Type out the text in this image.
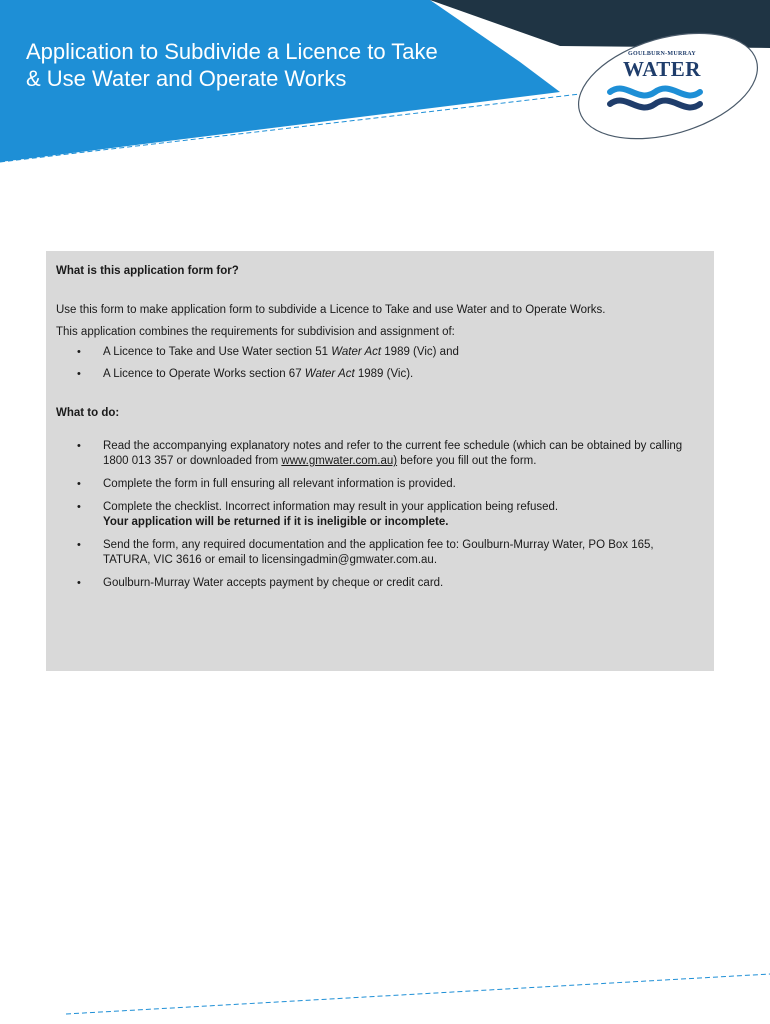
Application to Subdivide a Licence to Take
& Use Water and Operate Works
GOULBURN-MURRAY
WATER

What is this application form for?

Use this form to make application form to subdivide a Licence to Take and use Water and to Operate Works.

This application combines the requirements for subdivision and assignment of:

• A Licence to Take and Use Water section 51 Water Act 1989 (Vic) and
• A Licence to Operate Works section 67 Water Act 1989 (Vic).

What to do:

• Read the accompanying explanatory notes and refer to the current fee schedule (which can be obtained by calling 1800 013 357 or downloaded from www.gmwater.com.au) before you fill out the form.
• Complete the form in full ensuring all relevant information is provided.
• Complete the checklist. Incorrect information may result in your application being refused.
Your application will be returned if it is ineligible or incomplete.
• Send the form, any required documentation and the application fee to: Goulburn-Murray Water, PO Box 165, TATURA, VIC 3616 or email to licensingadmin@gmwater.com.au.
• Goulburn-Murray Water accepts payment by cheque or credit card.
